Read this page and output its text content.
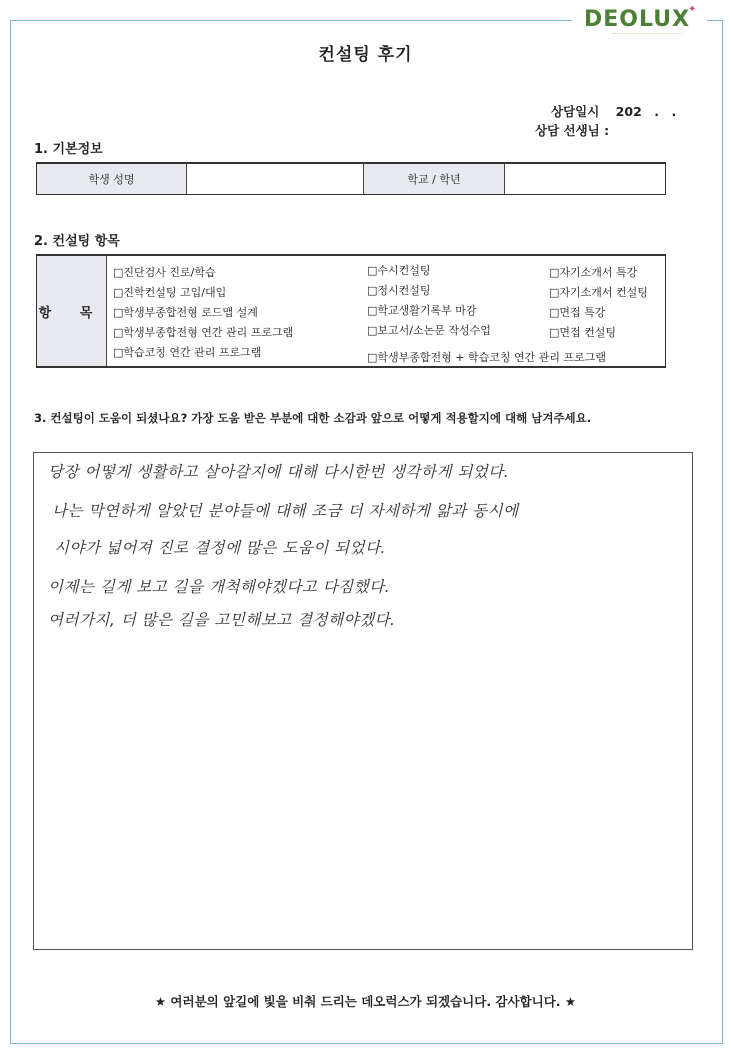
DEOLUX
✦
컨설팅 후기
상담일시 202　.　.
상담 선생님 :
1. 기본정보
학생 성명	학교 / 학년
2. 컨설팅 항목
항 목
□진단검사 진로/학습
□진학컨설팅 고입/대입
□학생부종합전형 로드맵 설계
□학생부종합전형 연간 관리 프로그램
□학습코칭 연간 관리 프로그램
□수시컨설팅
□정시컨설팅
□학교생활기록부 마감
□보고서/소논문 작성수업
□자기소개서 특강
□자기소개서 컨설팅
□면접 특강
□면접 컨설팅
□학생부종합전형 + 학습코칭 연간 관리 프로그램
3. 컨설팅이 도움이 되셨나요? 가장 도움 받은 부분에 대한 소감과 앞으로 어떻게 적용할지에 대해 남겨주세요.
당장 어떻게 생활하고 살아갈지에 대해 다시한번 생각하게 되었다.
나는 막연하게 알았던 분야들에 대해 조금 더 자세하게 앎과 동시에
시야가 넓어져 진로 결정에 많은 도움이 되었다.
이제는 길게 보고 길을 개척해야겠다고 다짐했다.
여러가지, 더 많은 길을 고민해보고 결정해야겠다.
★ 여러분의 앞길에 빛을 비춰 드리는 데오럭스가 되겠습니다. 감사합니다. ★
